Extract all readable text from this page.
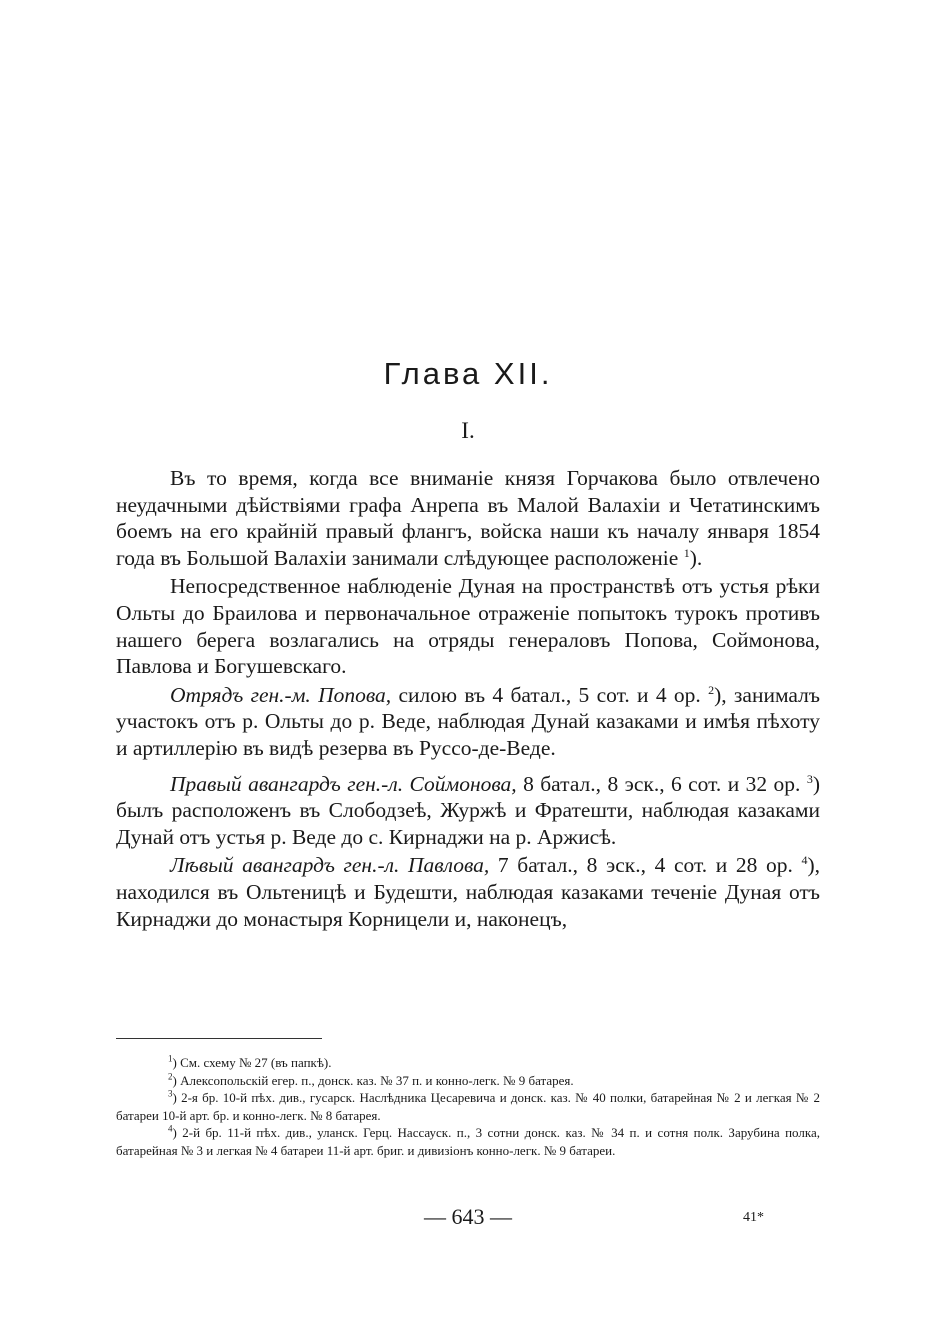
Глава XII.
I.

Въ то время, когда все вниманіе князя Горчакова было отвлечено неудачными дѣйствіями графа Анрепа въ Малой Валахіи и Четатинскимъ боемъ на его крайній правый флангъ, войска наши къ началу января 1854 года въ Большой Валахіи занимали слѣдующее расположеніе $^1$).

Непосредственное наблюденіе Дуная на пространствѣ отъ устья рѣки Ольты до Браилова и первоначальное отраженіе попытокъ турокъ противъ нашего берега возлагались на отряды генераловъ Попова, Соймонова, Павлова и Богушевскаго.

Отрядъ ген.-м. Попова, силою въ 4 батал., 5 сот. и 4 ор. $^2$), занималъ участокъ отъ р. Ольты до р. Веде, наблюдая Дунай казаками и имѣя пѣхоту и артиллерію въ видѣ резерва въ Руссо-де-Веде.

Правый авангардъ ген.-л. Соймонова, 8 батал., 8 эск., 6 сот. и 32 ор. $^3$) былъ расположенъ въ Слободзеѣ, Журжѣ и Фратешти, наблюдая казаками Дунай отъ устья р. Веде до с. Кирнаджи на р. Аржисѣ.

Лѣвый авангардъ ген.-л. Павлова, 7 батал., 8 эск., 4 сот. и 28 ор. $^4$), находился въ Ольтеницѣ и Будешти, наблюдая казаками теченіе Дуная отъ Кирнаджи до монастыря Корницели и, наконецъ,

$^1$) См. схему № 27 (въ папкѣ).

$^2$) Алексопольскій егер. п., донск. каз. № 37 п. и конно-легк. № 9 батарея.

$^3$) 2-я бр. 10-й пѣх. див., гусарск. Наслѣдника Цесаревича и донск. каз. № 40 полки, батарейная № 2 и легкая № 2 батареи 10-й арт. бр. и конно-легк. № 8 батарея.

$^4$) 2-й бр. 11-й пѣх. див., уланск. Герц. Нассауск. п., 3 сотни донск. каз. № 34 п. и сотня полк. Зарубина полка, батарейная № 3 и легкая № 4 батареи 11-й арт. бриг. и дивизіонъ конно-легк. № 9 батареи.

— 643 —	41*
